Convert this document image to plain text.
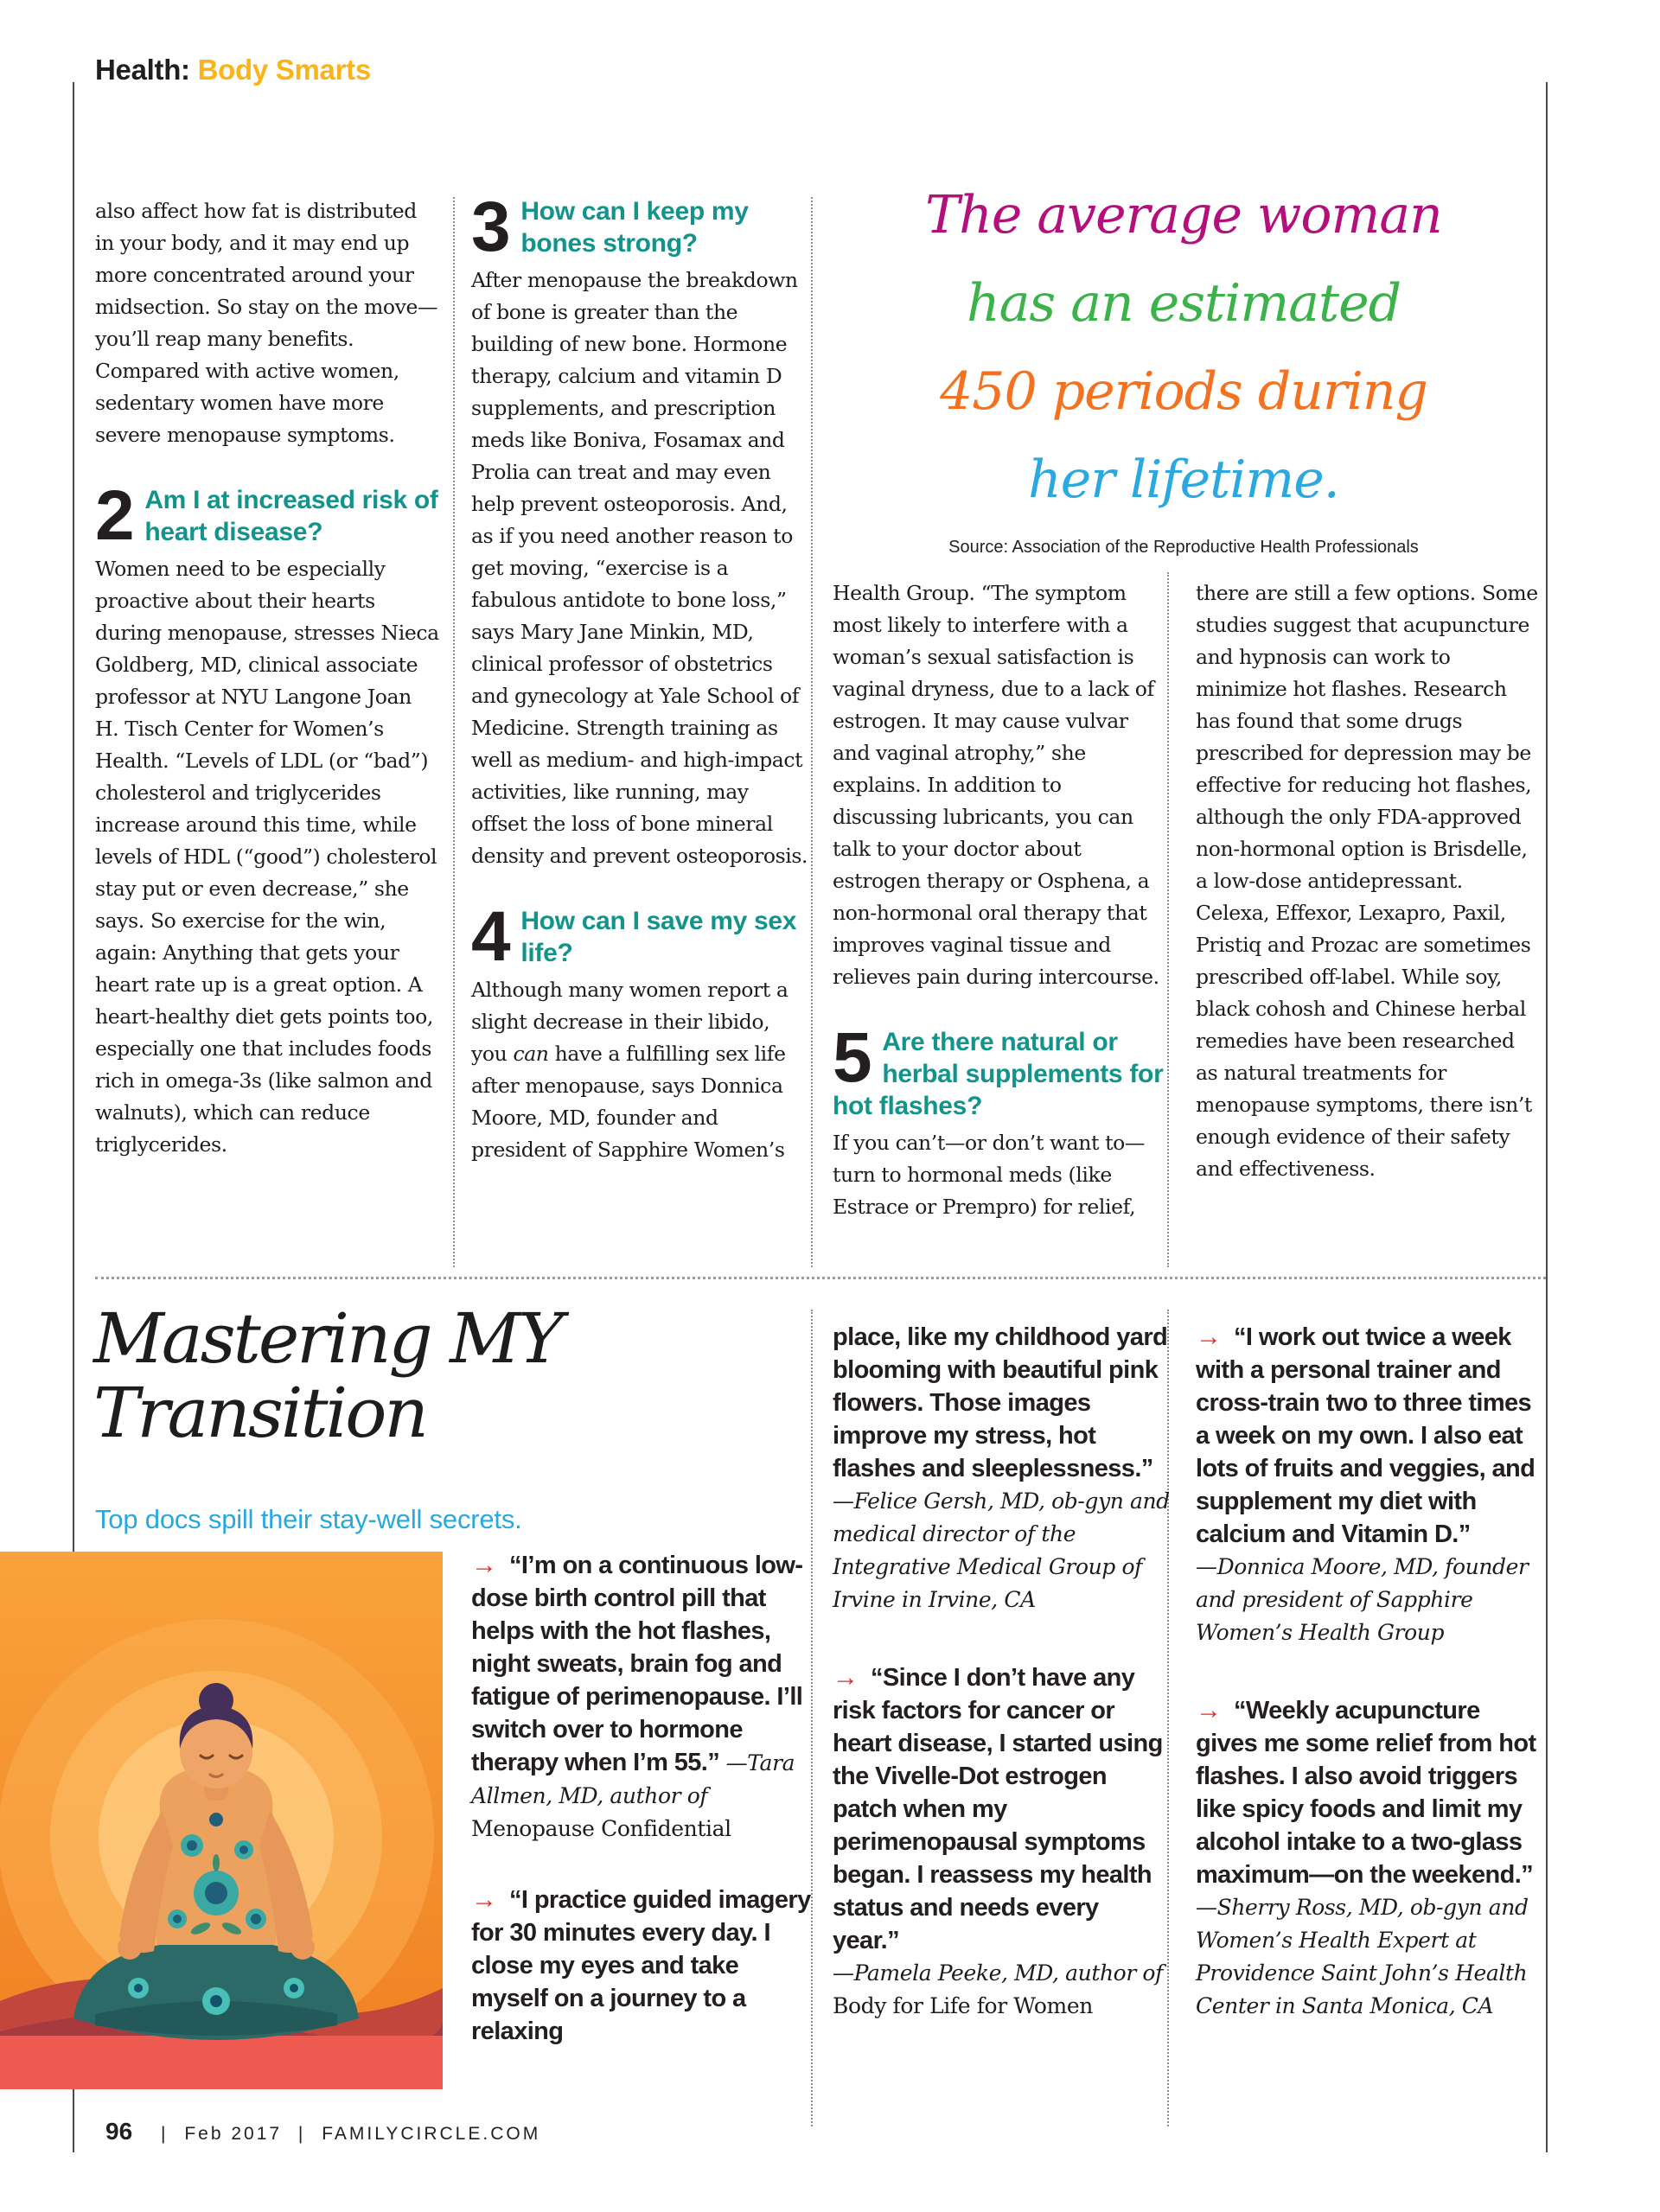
Health: Body Smarts

also affect how fat is distributed in your body, and it may end up more concentrated around your midsection. So stay on the move—you’ll reap many benefits. Compared with active women, sedentary women have more severe menopause symptoms.

2 Am I at increased risk of heart disease?

Women need to be especially proactive about their hearts during menopause, stresses Nieca Goldberg, MD, clinical associate professor at NYU Langone Joan H. Tisch Center for Women’s Health. “Levels of LDL (or “bad”) cholesterol and triglycerides increase around this time, while levels of HDL (“good”) cholesterol stay put or even decrease,” she says. So exercise for the win, again: Anything that gets your heart rate up is a great option. A heart-healthy diet gets points too, especially one that includes foods rich in omega-3s (like salmon and walnuts), which can reduce triglycerides.

3 How can I keep my bones strong?

After menopause the breakdown of bone is greater than the building of new bone. Hormone therapy, calcium and vitamin D supplements, and prescription meds like Boniva, Fosamax and Prolia can treat and may even help prevent osteoporosis. And, as if you need another reason to get moving, “exercise is a fabulous antidote to bone loss,” says Mary Jane Minkin, MD, clinical professor of obstetrics and gynecology at Yale School of Medicine. Strength training as well as medium- and high-impact activities, like running, may offset the loss of bone mineral density and prevent osteoporosis.

4 How can I save my sex life?

Although many women report a slight decrease in their libido, you can have a fulfilling sex life after menopause, says Donnica Moore, MD, founder and president of Sapphire Women’s

The average woman
has an estimated
450 periods during
her lifetime.
Source: Association of the Reproductive Health Professionals

Health Group. “The symptom most likely to interfere with a woman’s sexual satisfaction is vaginal dryness, due to a lack of estrogen. It may cause vulvar and vaginal atrophy,” she explains. In addition to discussing lubricants, you can talk to your doctor about estrogen therapy or Osphena, a non-hormonal oral therapy that improves vaginal tissue and relieves pain during intercourse.

5 Are there natural or herbal supplements for hot flashes?

If you can’t—or don’t want to—turn to hormonal meds (like Estrace or Prempro) for relief,

there are still a few options. Some studies suggest that acupuncture and hypnosis can work to minimize hot flashes. Research has found that some drugs prescribed for depression may be effective for reducing hot flashes, although the only FDA-approved non-hormonal option is Brisdelle, a low-dose antidepressant. Celexa, Effexor, Lexapro, Paxil, Pristiq and Prozac are sometimes prescribed off-label. While soy, black cohosh and Chinese herbal remedies have been researched as natural treatments for menopause symptoms, there isn’t enough evidence of their safety and effectiveness.

Mastering MY
Transition
Top docs spill their stay-well secrets.

→ “I’m on a continuous low-dose birth control pill that helps with the hot flashes, night sweats, brain fog and fatigue of perimenopause. I’ll switch over to hormone therapy when I’m 55.” —Tara Allmen, MD, author of Menopause Confidential

→ “I practice guided imagery for 30 minutes every day. I close my eyes and take myself on a journey to a relaxing

place, like my childhood yard blooming with beautiful pink flowers. Those images improve my stress, hot flashes and sleeplessness.”
—Felice Gersh, MD, ob-gyn and medical director of the Integrative Medical Group of Irvine in Irvine, CA

→ “Since I don’t have any risk factors for cancer or heart disease, I started using the Vivelle-Dot estrogen patch when my perimenopausal symptoms began. I reassess my health status and needs every year.”
—Pamela Peeke, MD, author of Body for Life for Women

→ “I work out twice a week with a personal trainer and cross-train two to three times a week on my own. I also eat lots of fruits and veggies, and supplement my diet with calcium and Vitamin D.”
—Donnica Moore, MD, founder and president of Sapphire Women’s Health Group

→ “Weekly acupuncture gives me some relief from hot flashes. I also avoid triggers like spicy foods and limit my alcohol intake to a two-glass maximum—on the weekend.” —Sherry Ross, MD, ob-gyn and Women’s Health Expert at Providence Saint John’s Health Center in Santa Monica, CA

96 | Feb 2017 | FAMILYCIRCLE.COM
